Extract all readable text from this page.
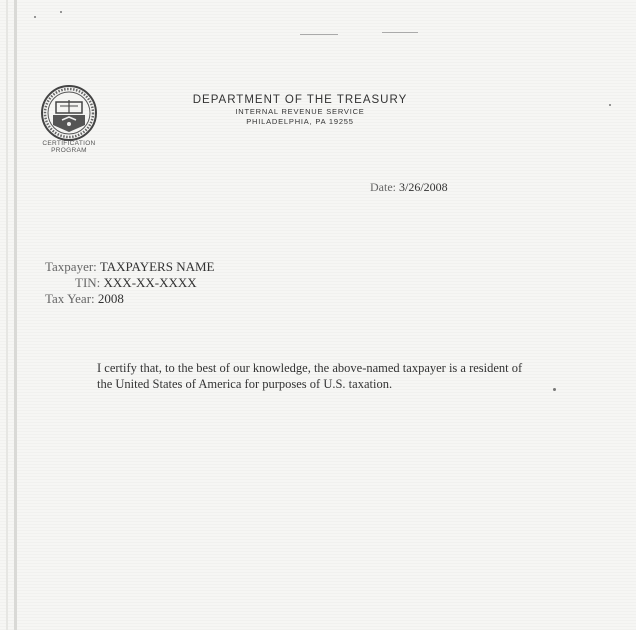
CERTIFICATION
PROGRAM
DEPARTMENT OF THE TREASURY
INTERNAL REVENUE SERVICE
PHILADELPHIA, PA 19255
Date: 3/26/2008
Taxpayer: TAXPAYERS NAME
TIN: XXX-XX-XXXX
Tax Year: 2008
I certify that, to the best of our knowledge, the above-named taxpayer is a resident of
the United States of America for purposes of U.S. taxation.
